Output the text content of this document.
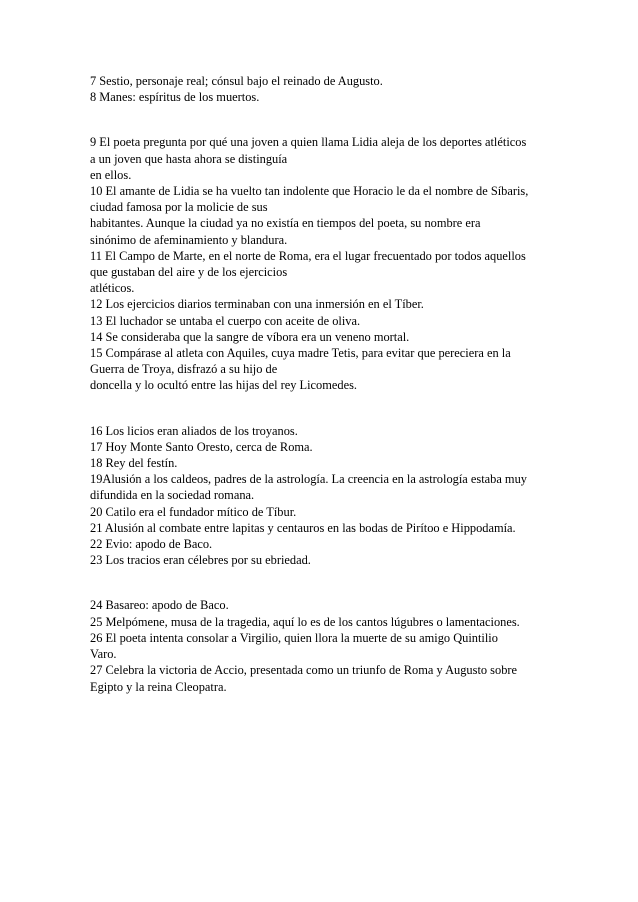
7 Sestio, personaje real; cónsul bajo el reinado de Augusto.
8 Manes: espíritus de los muertos.
9 El poeta pregunta por qué una joven a quien llama Lidia aleja de los deportes atléticos
a un joven que hasta ahora se distinguía
en ellos.
10 El amante de Lidia se ha vuelto tan indolente que Horacio le da el nombre de Síbaris,
ciudad famosa por la molicie de sus
habitantes. Aunque la ciudad ya no existía en tiempos del poeta, su nombre era
sinónimo de afeminamiento y blandura.
11 El Campo de Marte, en el norte de Roma, era el lugar frecuentado por todos aquellos
que gustaban del aire y de los ejercicios
atléticos.
12 Los ejercicios diarios terminaban con una inmersión en el Tíber.
13 El luchador se untaba el cuerpo con aceite de oliva.
14 Se consideraba que la sangre de víbora era un veneno mortal.
15 Compárase al atleta con Aquiles, cuya madre Tetis, para evitar que pereciera en la
Guerra de Troya, disfrazó a su hijo de
doncella y lo ocultó entre las hijas del rey Licomedes.
16 Los licios eran aliados de los troyanos.
17 Hoy Monte Santo Oresto, cerca de Roma.
18 Rey del festín.
19Alusión a los caldeos, padres de la astrología. La creencia en la astrología estaba muy
difundida en la sociedad romana.
20 Catilo era el fundador mítico de Tíbur.
21 Alusión al combate entre lapitas y centauros en las bodas de Pirítoo e Hippodamía.
22 Evio: apodo de Baco.
23 Los tracios eran célebres por su ebriedad.
24 Basareo: apodo de Baco.
25 Melpómene, musa de la tragedia, aquí lo es de los cantos lúgubres o lamentaciones.
26 El poeta intenta consolar a Virgilio, quien llora la muerte de su amigo Quintilio
Varo.
27 Celebra la victoria de Accio, presentada como un triunfo de Roma y Augusto sobre
Egipto y la reina Cleopatra.
